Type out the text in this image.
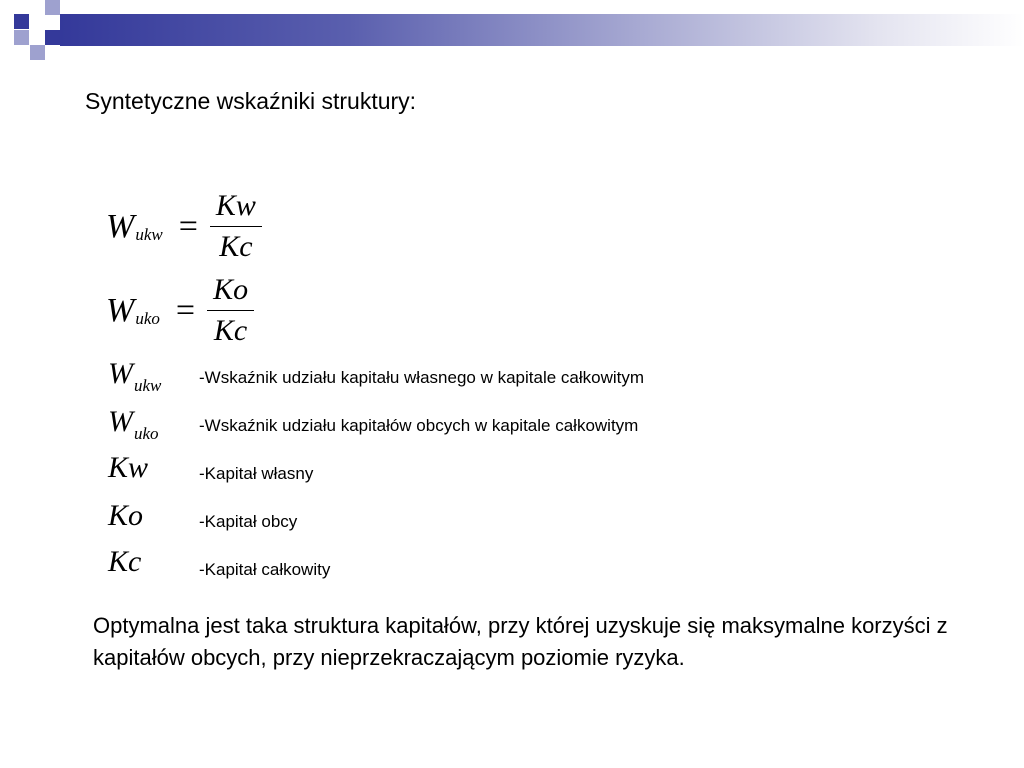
Syntetyczne wskaźniki struktury:
W ukw = $\frac{Kw}{Kc}$
W uko = $\frac{Ko}{Kc}$
$W_{ukw}$ -Wskaźnik udziału kapitału własnego w kapitale całkowitym
$W_{uko}$ -Wskaźnik udziału kapitałów obcych w kapitale całkowitym
Kw	-Kapitał własny
Ko	-Kapitał obcy
Kc	-Kapitał całkowity
Optymalna jest taka struktura kapitałów, przy której uzyskuje się maksymalne korzyści z kapitałów obcych, przy nieprzekraczającym poziomie ryzyka.
